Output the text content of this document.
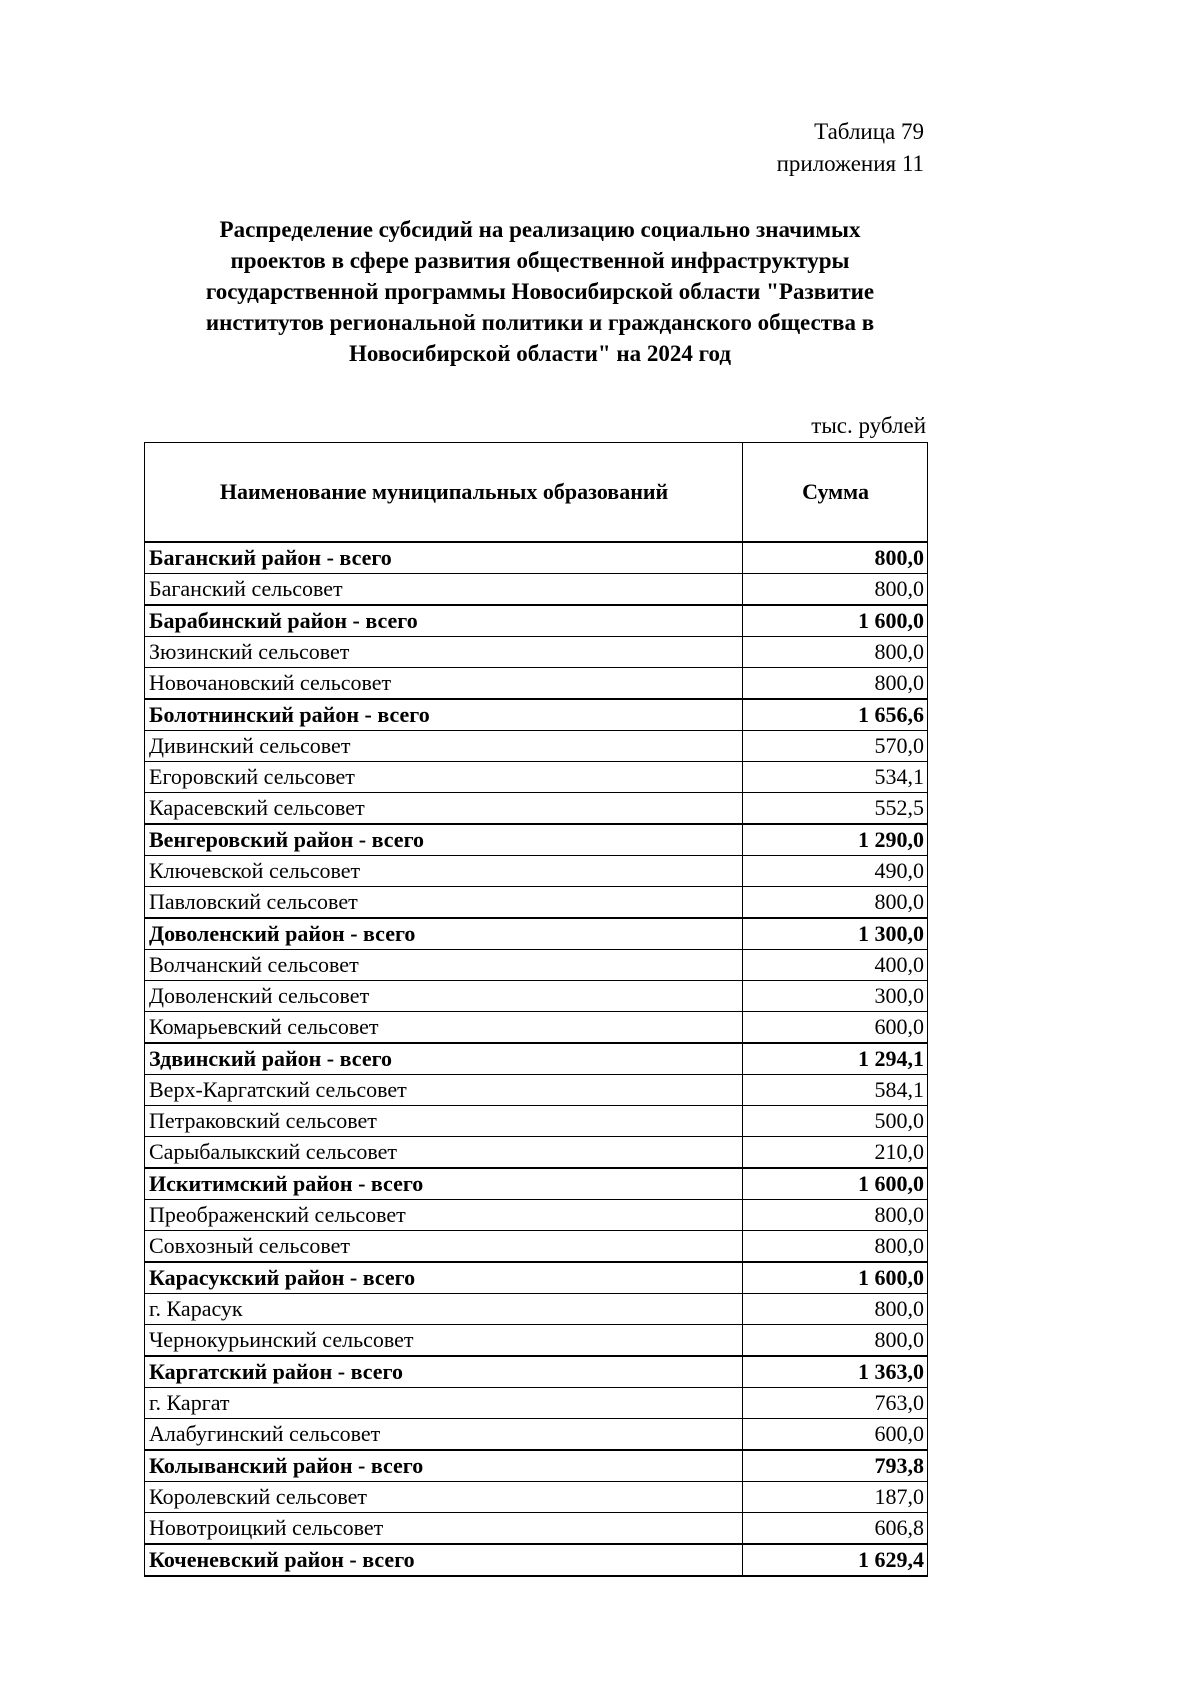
Таблица 79
приложения 11
Распределение субсидий на реализацию социально значимых
проектов в сфере развития общественной инфраструктуры
государственной программы Новосибирской области "Развитие
институтов региональной политики и гражданского общества в
Новосибирской области" на 2024 год
тыс. рублей
Наименование муниципальных образований	Сумма
Баганский район - всего	800,0
Баганский сельсовет	800,0
Барабинский район - всего	1 600,0
Зюзинский сельсовет	800,0
Новочановский сельсовет	800,0
Болотнинский район - всего	1 656,6
Дивинский сельсовет	570,0
Егоровский сельсовет	534,1
Карасевский сельсовет	552,5
Венгеровский район - всего	1 290,0
Ключевской сельсовет	490,0
Павловский сельсовет	800,0
Доволенский район - всего	1 300,0
Волчанский сельсовет	400,0
Доволенский сельсовет	300,0
Комарьевский сельсовет	600,0
Здвинский район - всего	1 294,1
Верх-Каргатский сельсовет	584,1
Петраковский сельсовет	500,0
Сарыбалыкский сельсовет	210,0
Искитимский район - всего	1 600,0
Преображенский сельсовет	800,0
Совхозный сельсовет	800,0
Карасукский район - всего	1 600,0
г. Карасук	800,0
Чернокурьинский сельсовет	800,0
Каргатский район - всего	1 363,0
г. Каргат	763,0
Алабугинский сельсовет	600,0
Колыванский район - всего	793,8
Королевский сельсовет	187,0
Новотроицкий сельсовет	606,8
Коченевский район - всего	1 629,4
